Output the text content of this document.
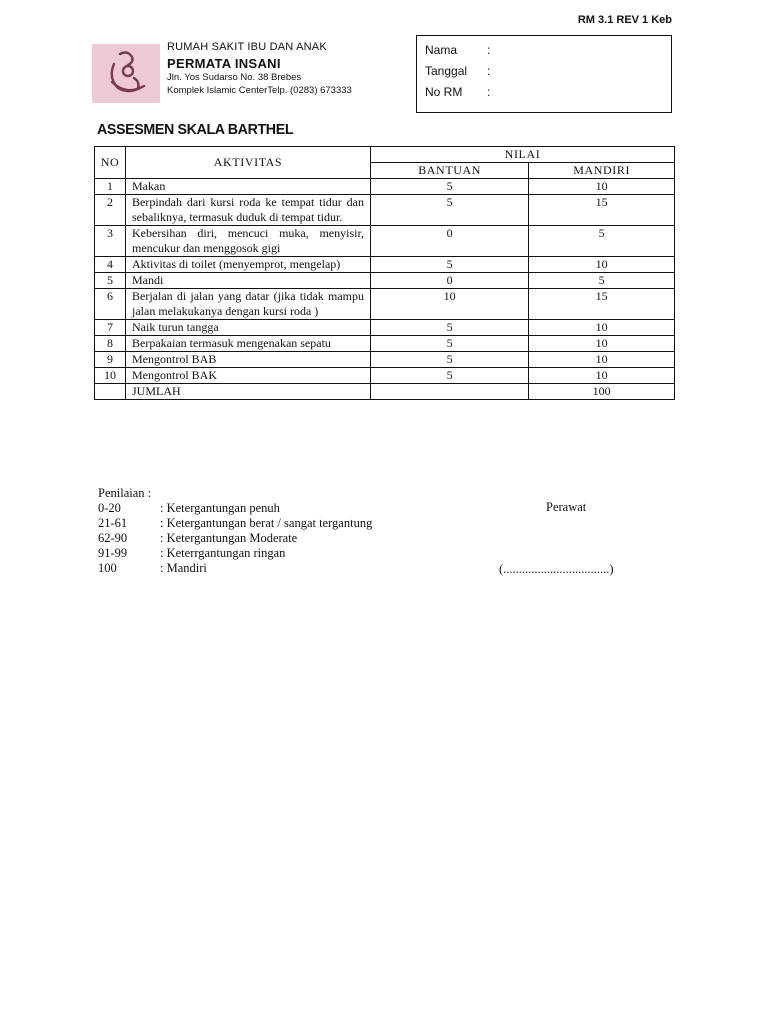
RM 3.1 REV 1 Keb
RUMAH SAKIT IBU DAN ANAK
PERMATA INSANI
Jln. Yos Sudarso No. 38 Brebes
Komplek Islamic CenterTelp. (0283) 673333
Nama	:
Tanggal	:
No RM	:
ASSESMEN SKALA BARTHEL
NO	AKTIVITAS	NILAI	
		BANTUAN	MANDIRI
1	Makan	5	10
2	Berpindah dari kursi roda ke tempat tidur dan sebaliknya, termasuk duduk di tempat tidur.	5	15
3	Kebersihan diri, mencuci muka, menyisir, mencukur dan menggosok gigi	0	5
4	Aktivitas di toilet (menyemprot, mengelap)	5	10
5	Mandi	0	5
6	Berjalan di jalan yang datar (jika tidak mampu jalan melakukanya dengan kursi roda )	10	15
7	Naik turun tangga	5	10
8	Berpakaian termasuk mengenakan sepatu	5	10
9	Mengontrol BAB	5	10
10	Mengontrol BAK	5	10
	JUMLAH		100
Penilaian :
0-20	: Ketergantungan penuh
21-61	: Ketergantungan berat / sangat tergantung
62-90	: Ketergantungan Moderate
91-99	: Keterrgantungan ringan
100	: Mandiri
Perawat
(..................................)
